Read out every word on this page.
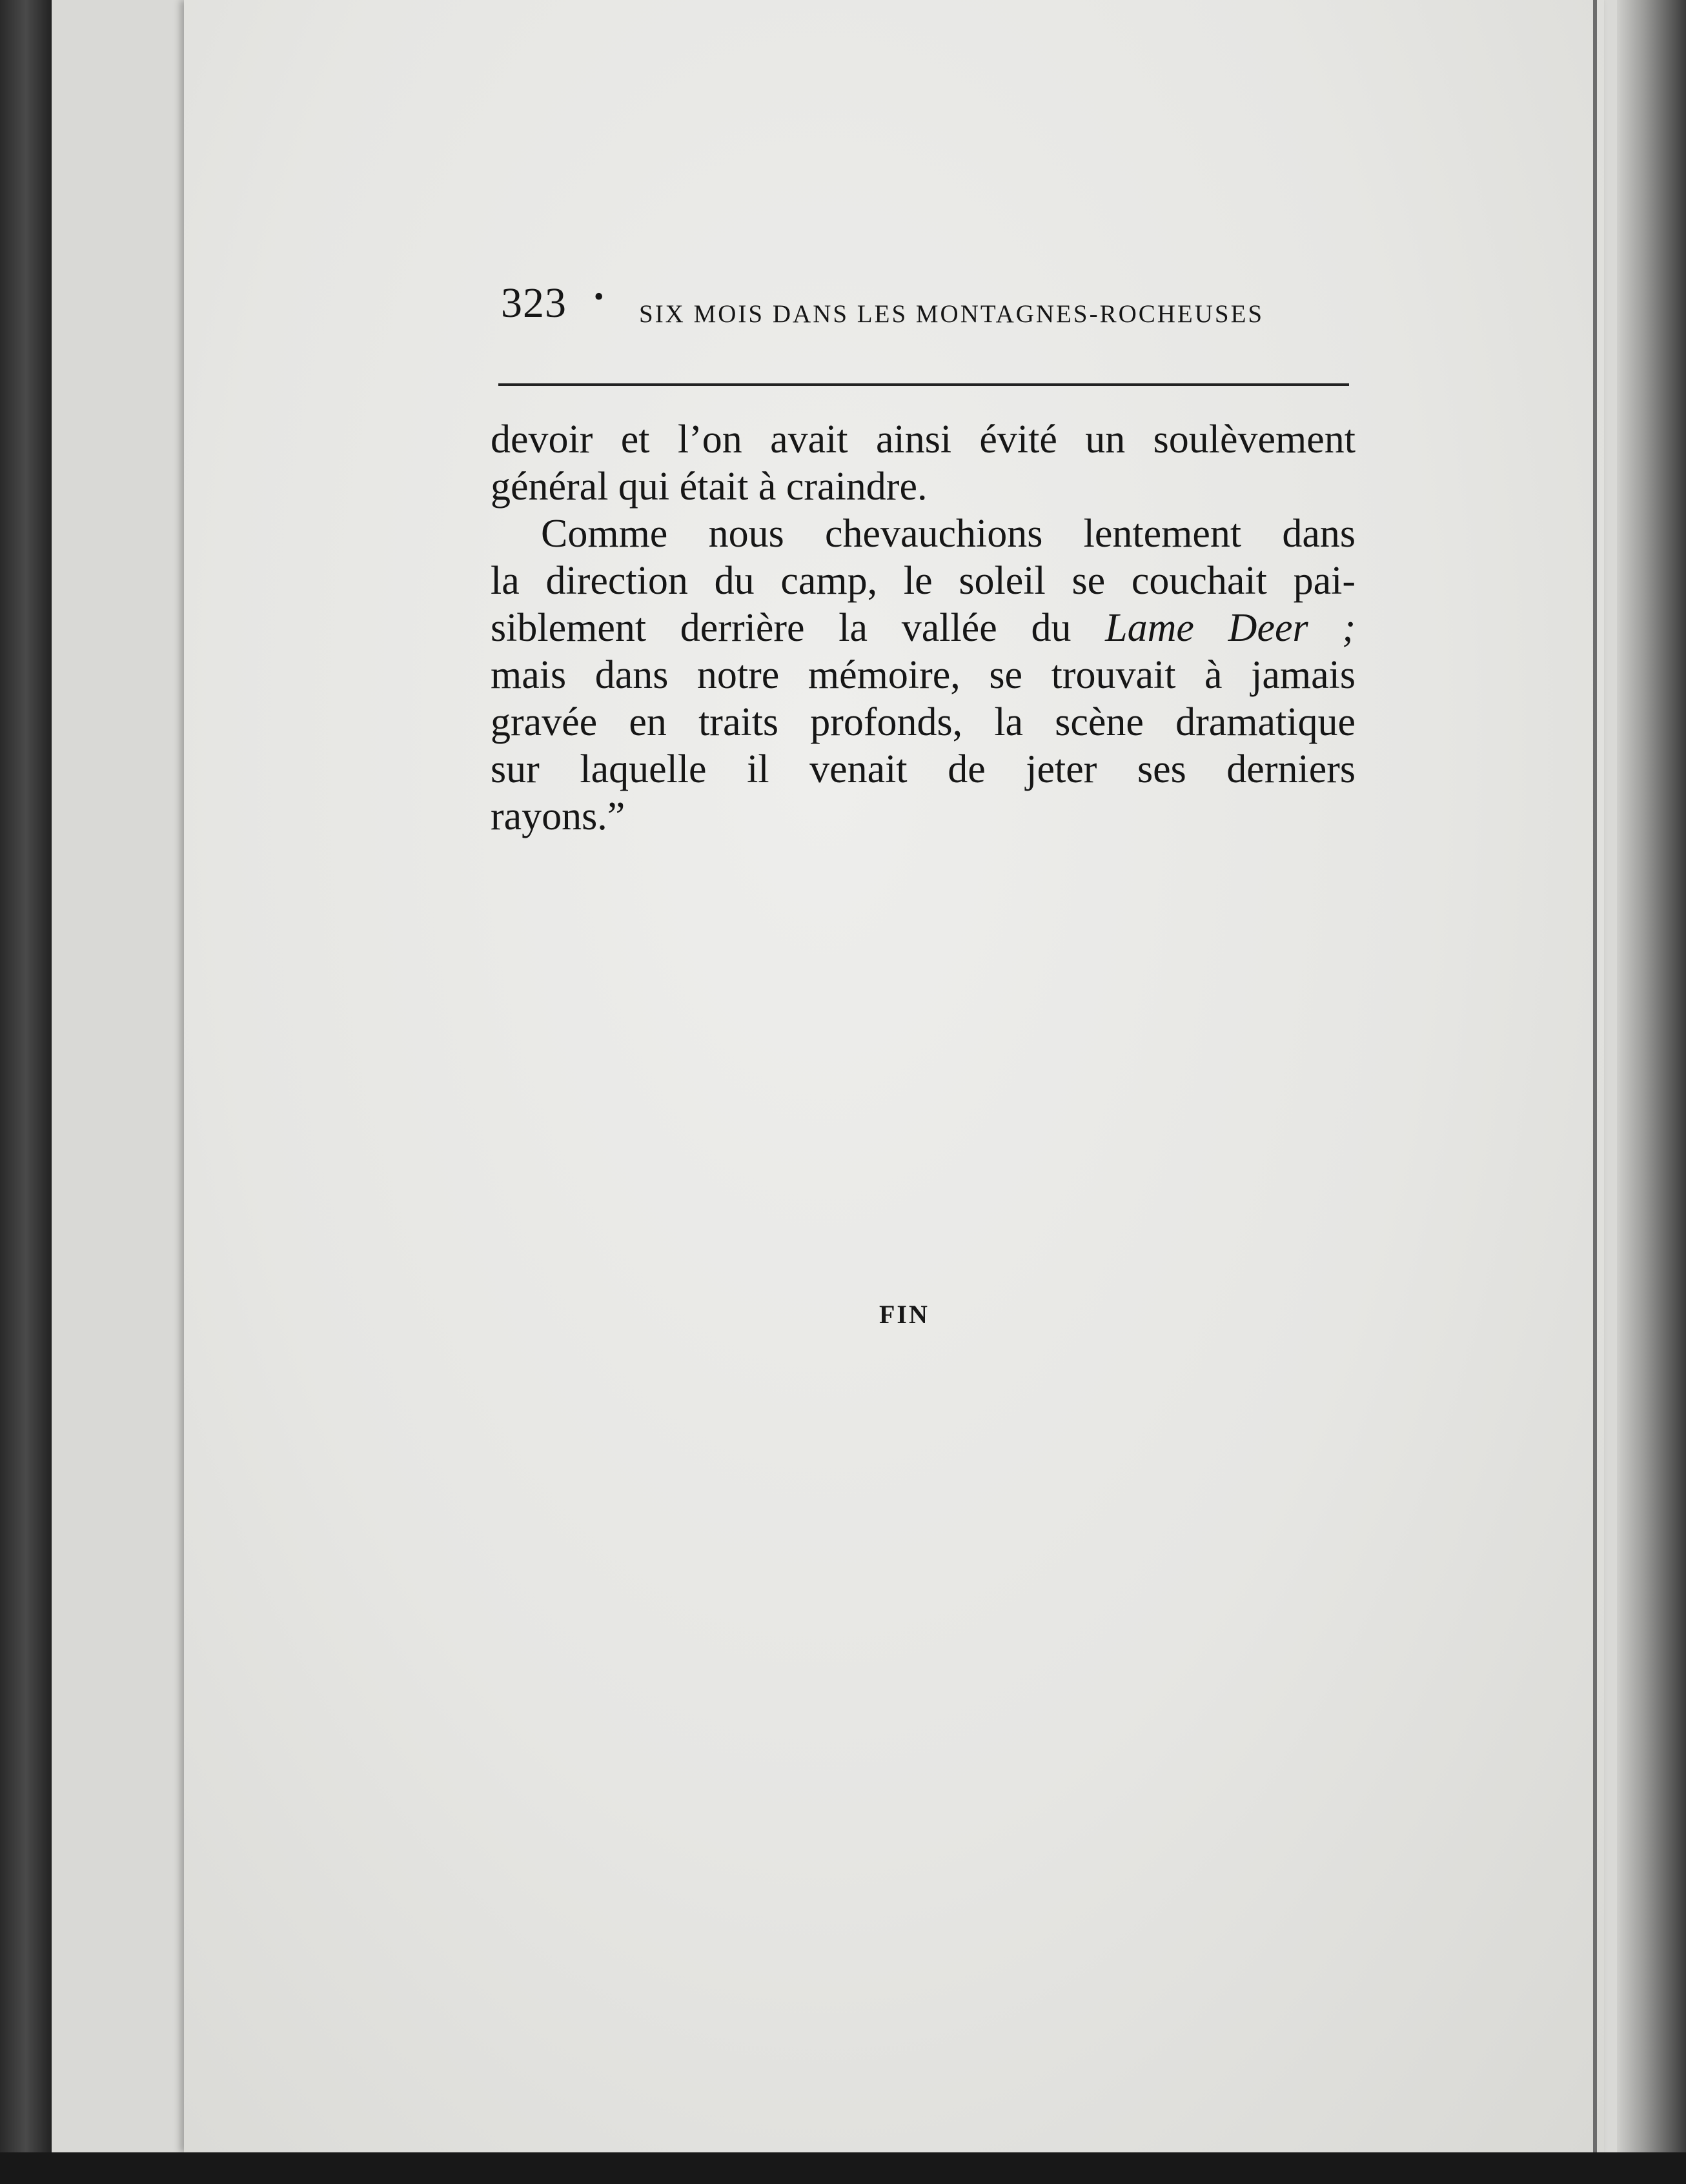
323 •
SIX MOIS DANS LES MONTAGNES-ROCHEUSES
devoir et l’on avait ainsi évité un soulèvement
général qui était à craindre.
Comme nous chevauchions lentement dans
la direction du camp, le soleil se couchait pai-
siblement derrière la vallée du Lame Deer ;
mais dans notre mémoire, se trouvait à jamais
gravée en traits profonds, la scène dramatique
sur laquelle il venait de jeter ses derniers
rayons.”
FIN
